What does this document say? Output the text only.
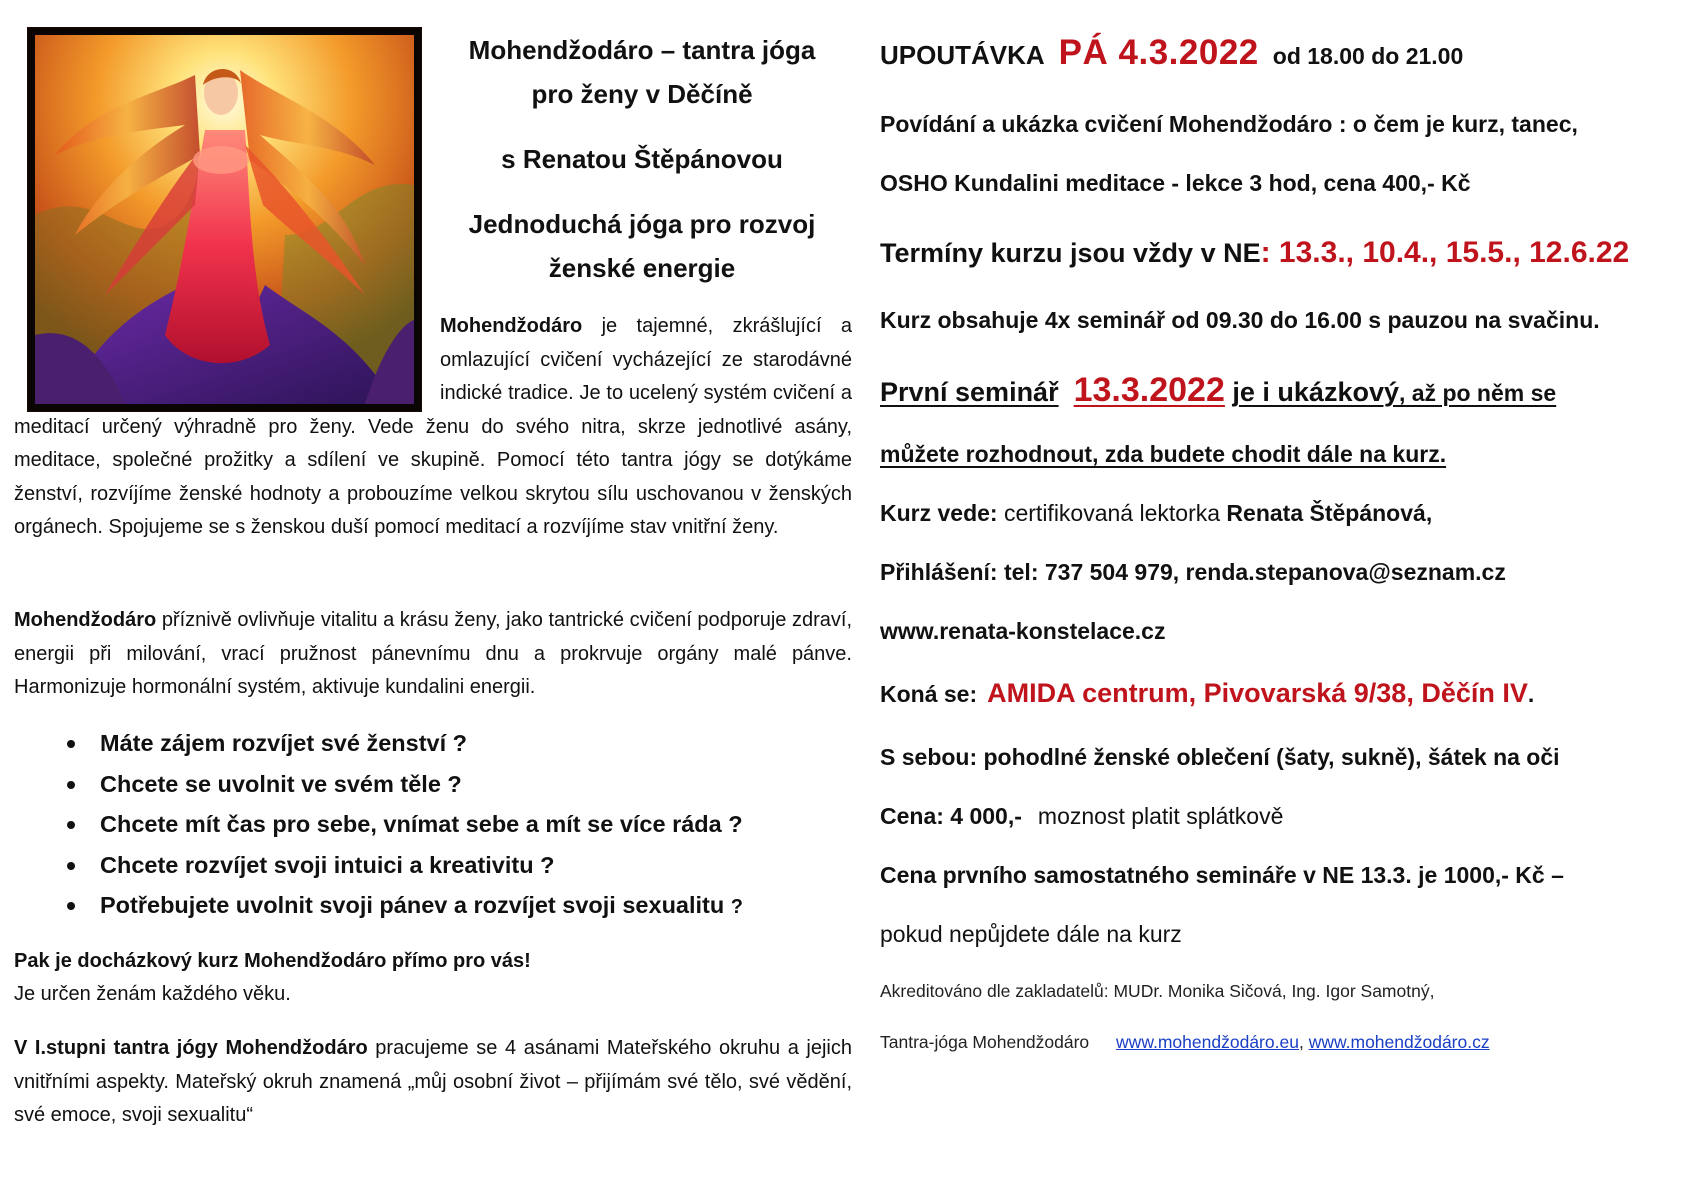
Mohendžodáro – tantra jóga
pro ženy v Děčíně
s Renatou Štěpánovou
Jednoduchá jóga pro rozvoj
ženské energie

Mohendžodáro je tajemné, zkrášlující a omlazující cvičení vycházející ze starodávné indické tradice. Je to ucelený systém cvičení a meditací určený výhradně pro ženy. Vede ženu do svého nitra, skrze jednotlivé asány, meditace, společné prožitky a sdílení ve skupině. Pomocí této tantra jógy se dotýkáme ženství, rozvíjíme ženské hodnoty a probouzíme velkou skrytou sílu uschovanou v ženských orgánech. Spojujeme se s ženskou duší pomocí meditací a rozvíjíme stav vnitřní ženy.

Mohendžodáro příznivě ovlivňuje vitalitu a krásu ženy, jako tantrické cvičení podporuje zdraví, energii při milování, vrací pružnost pánevnímu dnu a prokrvuje orgány malé pánve. Harmonizuje hormonální systém, aktivuje kundalini energii.

Máte zájem rozvíjet své ženství ?
Chcete se uvolnit ve svém těle ?
Chcete mít čas pro sebe, vnímat sebe a mít se více ráda ?
Chcete rozvíjet svoji intuici a kreativitu ?
Potřebujete uvolnit svoji pánev a rozvíjet svoji sexualitu ?
Pak je docházkový kurz Mohendžodáro přímo pro vás!
Je určen ženám každého věku.

V I.stupni tantra jógy Mohendžodáro pracujeme se 4 asánami Mateřského okruhu a jejich vnitřními aspekty. Mateřský okruh znamená „můj osobní život – přijímám své tělo, své vědění, své emoce, svoji sexualitu“

UPOUTÁVKA PÁ 4.3.2022 od 18.00 do 21.00
Povídání a ukázka cvičení Mohendžodáro : o čem je kurz, tanec,
OSHO Kundalini meditace - lekce 3 hod, cena 400,- Kč
Termíny kurzu jsou vždy v NE: 13.3., 10.4., 15.5., 12.6.22
Kurz obsahuje 4x seminář od 09.30 do 16.00 s pauzou na svačinu.
První seminář 13.3.2022 je i ukázkový, až po něm se
můžete rozhodnout, zda budete chodit dále na kurz.
Kurz vede: certifikovaná lektorka Renata Štěpánová,
Přihlášení: tel: 737 504 979, renda.stepanova@seznam.cz
www.renata-konstelace.cz
Koná se: AMIDA centrum, Pivovarská 9/38, Děčín IV.
S sebou: pohodlné ženské oblečení (šaty, sukně), šátek na oči
Cena: 4 000,- moznost platit splátkově
Cena prvního samostatného semináře v NE 13.3. je 1000,- Kč –
pokud nepůjdete dále na kurz
Akreditováno dle zakladatelů: MUDr. Monika Sičová, Ing. Igor Samotný,
Tantra-jóga Mohendžodáro www.mohendžodáro.eu, www.mohendžodáro.cz
